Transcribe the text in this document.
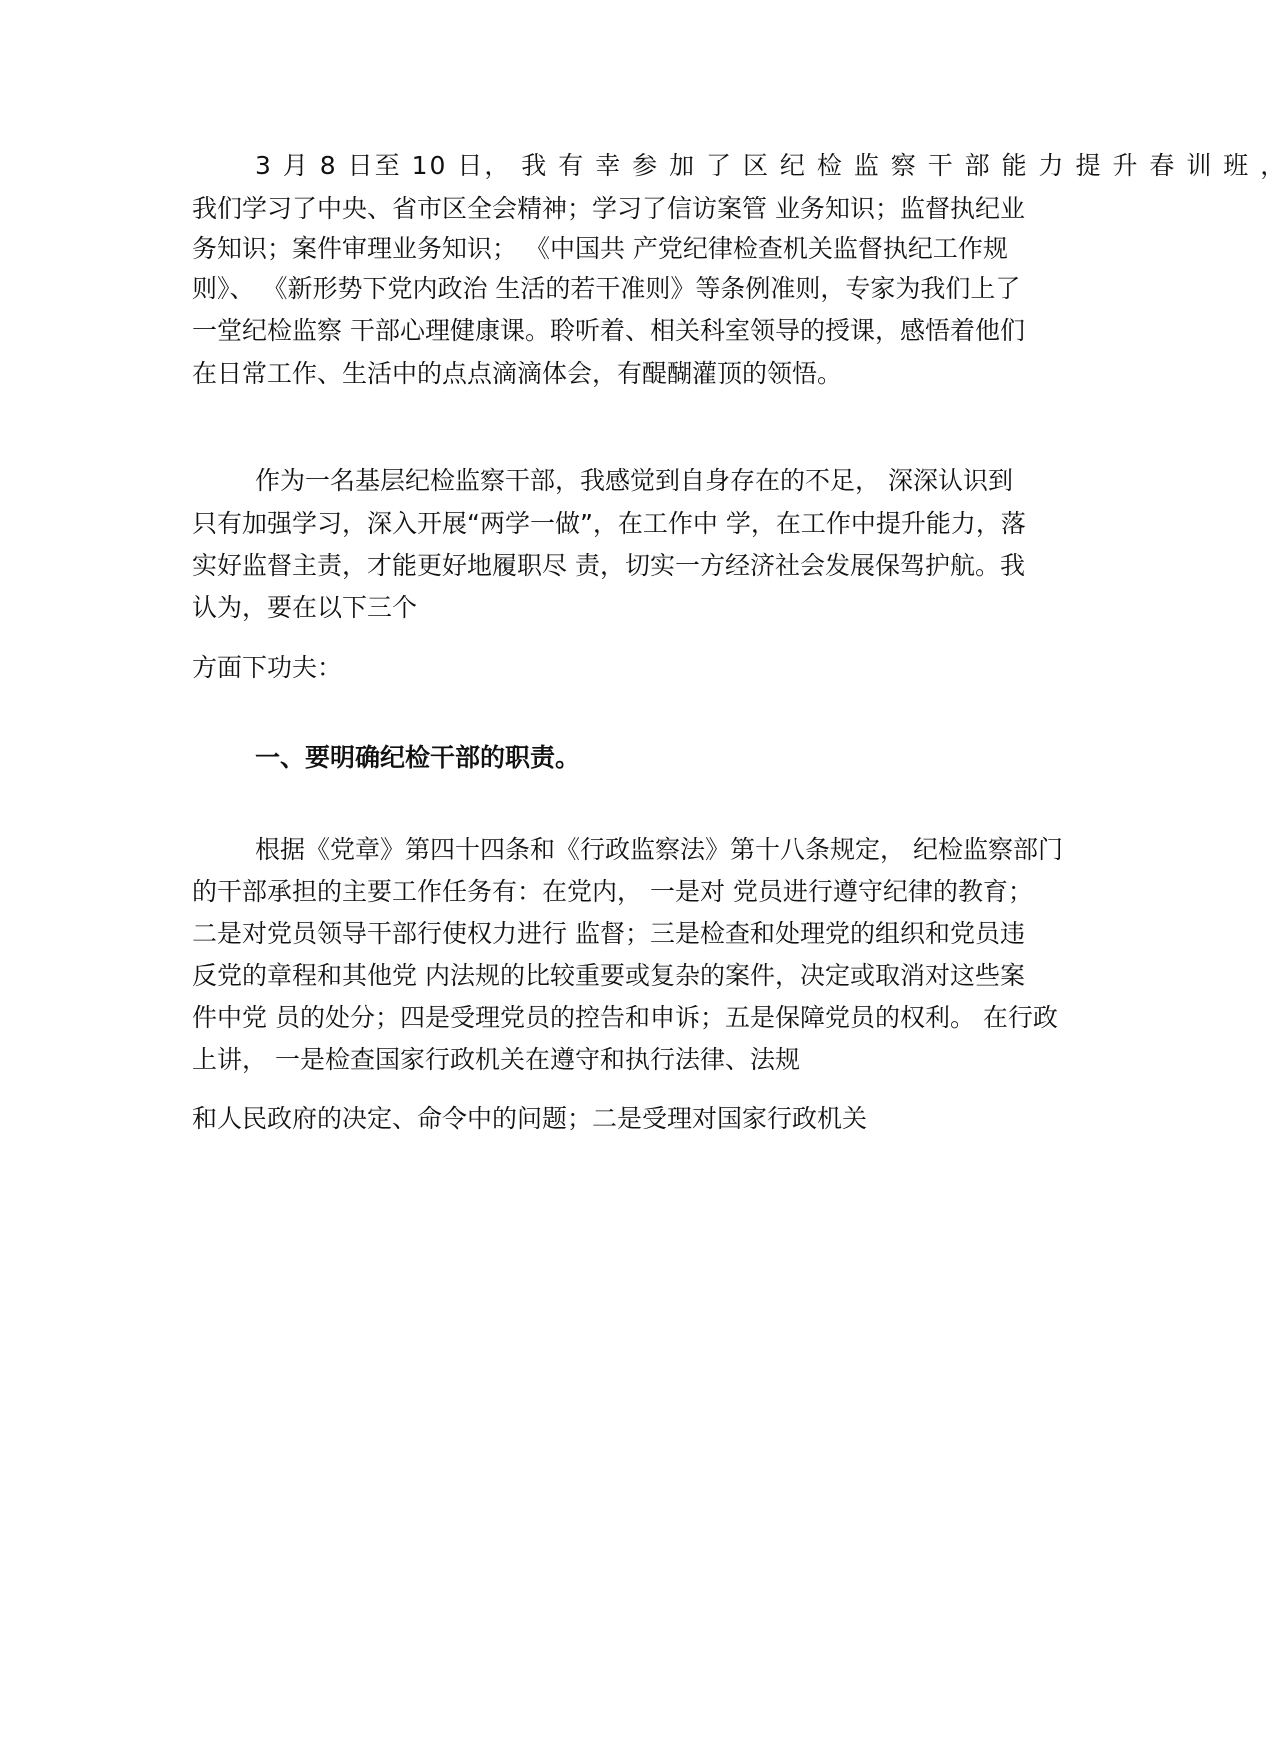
3 月 8 日至 10 日， 我 有 幸 参 加 了 区 纪 检 监 察 干 部 能 力 提 升 春 训 班 ，
我们学习了中央、省市区全会精神；学习了信访案管 业务知识；监督执纪业
务知识；案件审理业务知识； 《中国共 产党纪律检查机关监督执纪工作规
则》、 《新形势下党内政治 生活的若干准则》等条例准则，专家为我们上了
一堂纪检监察 干部心理健康课。聆听着、相关科室领导的授课，感悟着他们
在日常工作、生活中的点点滴滴体会，有醍醐灌顶的领悟。
作为一名基层纪检监察干部，我感觉到自身存在的不足， 深深认识到
只有加强学习，深入开展“两学一做”，在工作中 学，在工作中提升能力，落
实好监督主责，才能更好地履职尽 责，切实一方经济社会发展保驾护航。我
认为，要在以下三个
方面下功夫：
一、要明确纪检干部的职责。
根据《党章》第四十四条和《行政监察法》第十八条规定， 纪检监察部门
的干部承担的主要工作任务有：在党内， 一是对 党员进行遵守纪律的教育；
二是对党员领导干部行使权力进行 监督；三是检查和处理党的组织和党员违
反党的章程和其他党 内法规的比较重要或复杂的案件，决定或取消对这些案
件中党 员的处分；四是受理党员的控告和申诉；五是保障党员的权利。 在行政
上讲， 一是检查国家行政机关在遵守和执行法律、法规
和人民政府的决定、命令中的问题；二是受理对国家行政机关
